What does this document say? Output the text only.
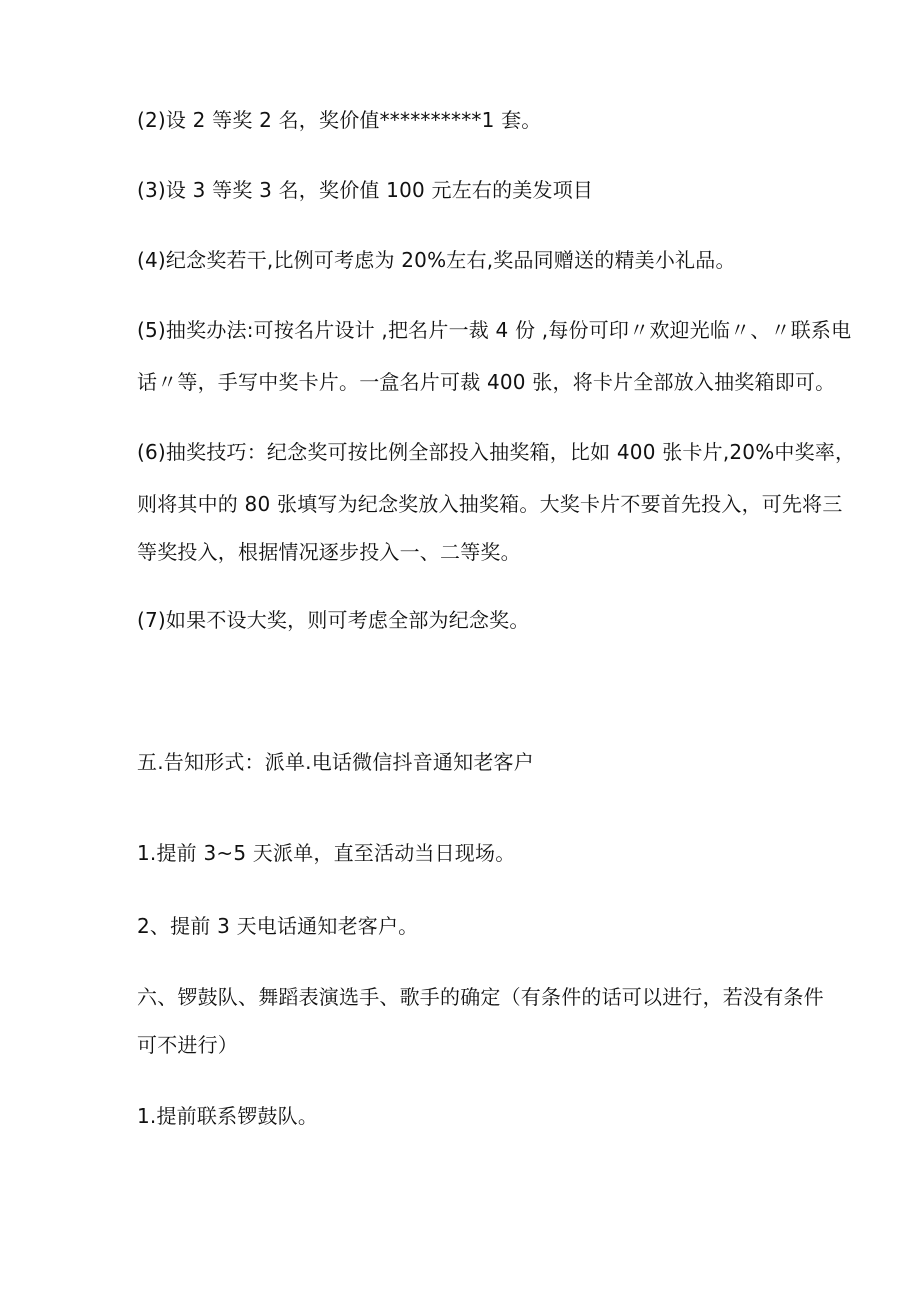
(2)设 2 等奖 2 名，奖价值**********1 套。
(3)设 3 等奖 3 名，奖价值 100 元左右的美发项目
(4)纪念奖若干,比例可考虑为 20%左右,奖品同赠送的精美小礼品。
(5)抽奖办法:可按名片设计 ,把名片一裁 4 份 ,每份可印〃欢迎光临〃、〃联系电
话〃等，手写中奖卡片。一盒名片可裁 400 张，将卡片全部放入抽奖箱即可。
(6)抽奖技巧：纪念奖可按比例全部投入抽奖箱，比如 400 张卡片,20%中奖率，
则将其中的 80 张填写为纪念奖放入抽奖箱。大奖卡片不要首先投入，可先将三
等奖投入，根据情况逐步投入一、二等奖。
(7)如果不设大奖，则可考虑全部为纪念奖。
五.告知形式：派单.电话微信抖音通知老客户
1.提前 3~5 天派单，直至活动当日现场。
2、提前 3 天电话通知老客户。
六、锣鼓队、舞蹈表演选手、歌手的确定（有条件的话可以进行，若没有条件
可不进行）
1.提前联系锣鼓队。
